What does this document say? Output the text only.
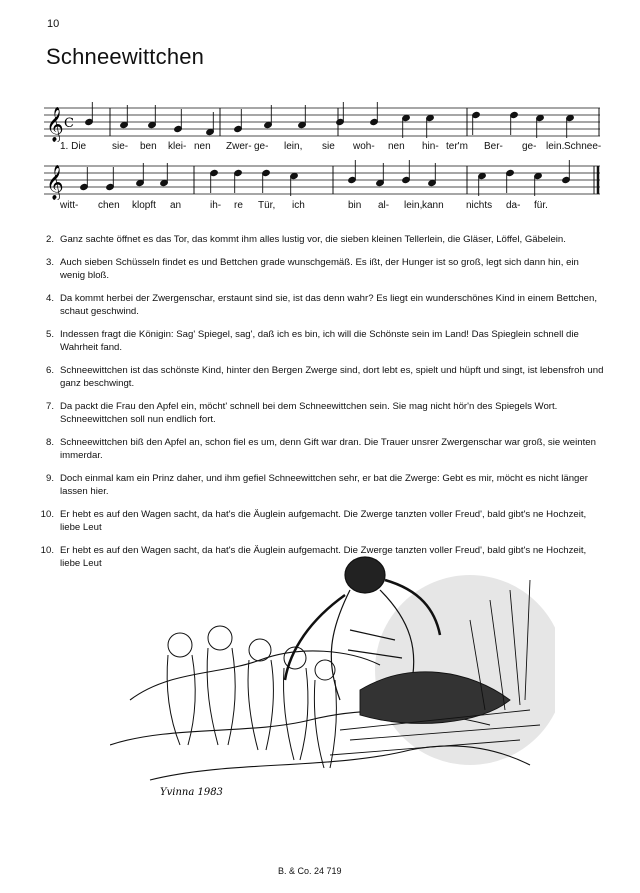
10
Schneewittchen
𝄞 C
1. Die	sie- ben klei- nen Zwer- ge- lein, sie woh- nen hin- ter'm Ber- ge- lein. Schnee-
𝄞
witt- chen klopft an	ih- re Tür, ich	bin al- lein, kann nichts da- für.
2. Ganz sachte öffnet es das Tor, das kommt ihm alles lustig vor, die sieben kleinen Tellerlein, die Gläser, Löffel, Gäbelein.
3. Auch sieben Schüsseln findet es und Bettchen grade wunschgemäß. Es ißt, der Hunger ist so groß, legt sich dann hin, ein wenig bloß.
4. Da kommt herbei der Zwergenschar, erstaunt sind sie, ist das denn wahr? Es liegt ein wunderschönes Kind in einem Bettchen, schaut geschwind.
5. Indessen fragt die Königin: Sag' Spiegel, sag', daß ich es bin, ich will die Schönste sein im Land! Das Spieglein schnell die Wahrheit fand.
6. Schneewittchen ist das schönste Kind, hinter den Bergen Zwerge sind, dort lebt es, spielt und hüpft und singt, ist lebensfroh und ganz beschwingt.
7. Da packt die Frau den Apfel ein, möcht' schnell bei dem Schneewittchen sein. Sie mag nicht hör'n des Spiegels Wort. Schneewittchen soll nun endlich fort.
8. Schneewittchen biß den Apfel an, schon fiel es um, denn Gift war dran. Die Trauer unsrer Zwergenschar war groß, sie weinten immerdar.
9. Doch einmal kam ein Prinz daher, und ihm gefiel Schneewittchen sehr, er bat die Zwerge: Gebt es mir, möcht es nicht länger lassen hier.
10. Er hebt es auf den Wagen sacht, da hat's die Äuglein aufgemacht. Die Zwerge tanzten voller Freud', bald gibt's ne Hochzeit, liebe Leut
10. Er hebt es auf den Wagen sacht, da hat's die Äuglein aufgemacht. Die Zwerge tanzten voller Freud', bald gibt's ne Hochzeit, liebe Leut
Yvinna 1983
B. & Co. 24 719
